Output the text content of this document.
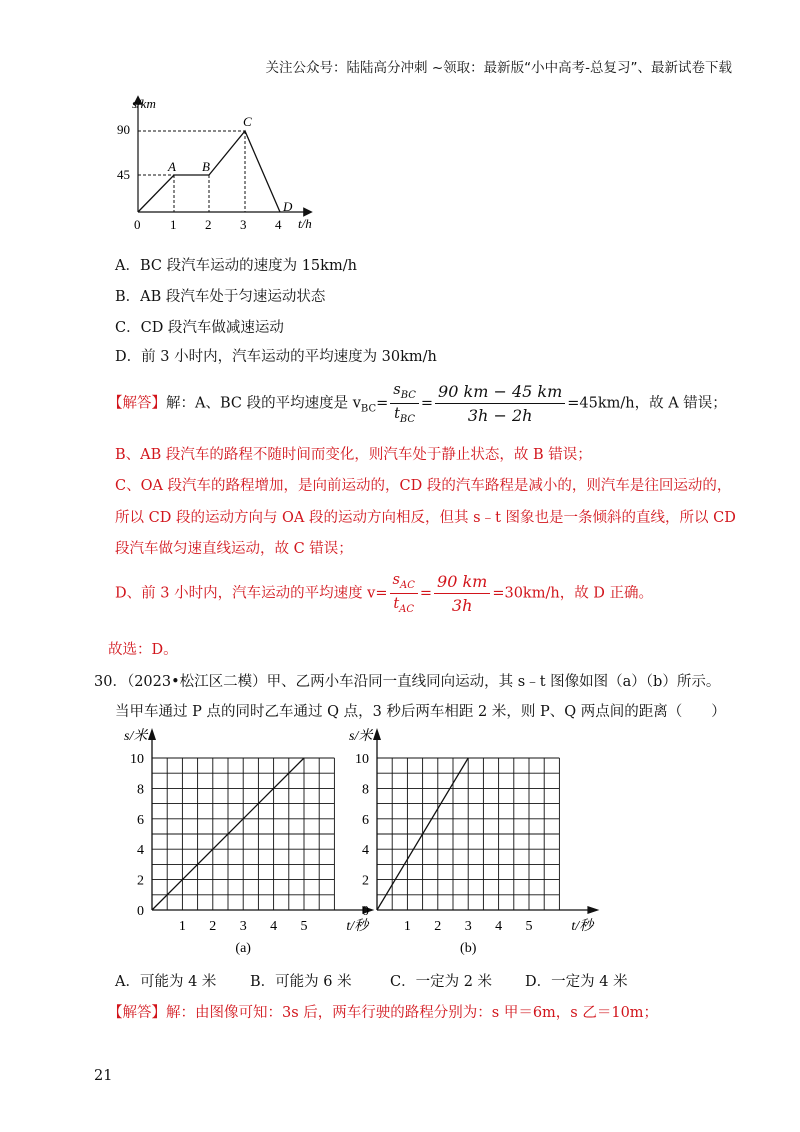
关注公众号：陆陆高分冲刺 ~领取：最新版“小中高考-总复习”、最新试卷下载
s/km
t/h
90
45
0 1 2 3 4
A B
C
D
A．BC 段汽车运动的速度为 15km/h
B．AB 段汽车处于匀速运动状态
C．CD 段汽车做减速运动
D．前 3 小时内，汽车运动的平均速度为 30km/h
【解答】解：A、BC 段的平均速度是 $v_{BC}= \frac{s_{BC}}{t_{BC}} = \frac{90 km - 45 km}{3h - 2h} =45km/h$，故 A 错误；
B、AB 段汽车的路程不随时间而变化，则汽车处于静止状态，故 B 错误；
C、OA 段汽车的路程增加，是向前运动的，CD 段的汽车路程是减小的，则汽车是往回运动的，
所以 CD 段的运动方向与 OA 段的运动方向相反，但其 s﹣t 图象也是一条倾斜的直线，所以 CD
段汽车做匀速直线运动，故 C 错误；
D、前 3 小时内，汽车运动的平均速度 $v= \frac{s_{AC}}{t_{AC}} = \frac{90 km}{3h} =30km/h$，故 D 正确。
故选：D。
30．（2023•松江区二模）甲、乙两小车沿同一直线同向运动，其 s﹣t 图像如图（a）（b）所示。
当甲车通过 P 点的同时乙车通过 Q 点，3 秒后两车相距 2 米，则 P、Q 两点间的距离（　　）
s/米
t/秒
0
2
4
6
8
10
1 2 3 4 5
(a)
s/米
t/秒
0
2
4
6
8
10
1 2 3 4 5
(b)
A．可能为 4 米 B．可能为 6 米	C．一定为 2 米 D．一定为 4 米
【解答】解：由图像可知：3s 后，两车行驶的路程分别为：s 甲＝6m，s 乙＝10m；
21
